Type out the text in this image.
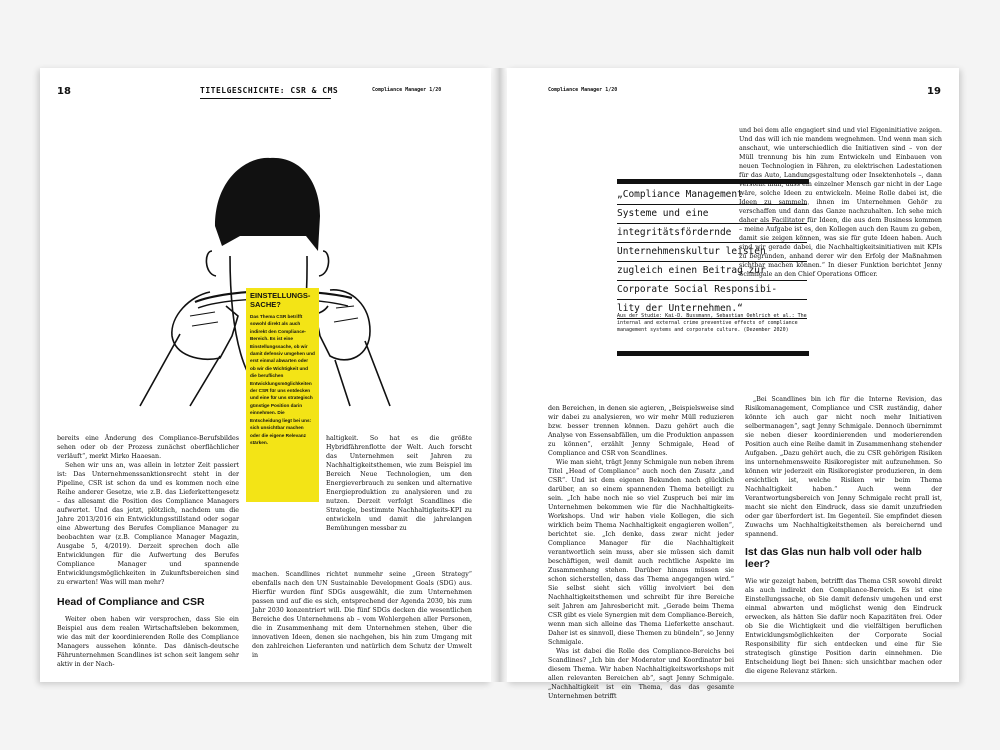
18	TITELGESCHICHTE: CSR & CMS	Compliance Manager 1/20
EINSTELLUNGS-SACHE?
Das Thema CSR betrifft sowohl direkt als auch indirekt den Compliance-Bereich. Es ist eine Einstellungssache, ob wir damit defensiv umgehen und erst einmal abwarten oder ob wir die Wichtigkeit und die beruflichen Entwicklungsmöglichkeiten der CSR für uns entdecken und eine für uns strategisch günstige Position darin einnehmen. Die Entscheidung liegt bei uns: sich unsichtbar machen oder die eigene Relevanz stärken.

bereits eine Änderung des Compliance-Berufsbildes sehen oder ob der Prozess zunächst oberflächlicher verläuft“, merkt Mirko Haaesan.

Sehen wir uns an, was allein in letzter Zeit passiert ist: Das Unternehmenssanktionsrecht steht in der Pipeline, CSR ist schon da und es kommen noch eine Reihe anderer Gesetze, wie z.B. das Lieferkettengesetz – das allesamt die Position des Compliance Managers aufwertet. Und das jetzt, plötzlich, nachdem um die Jahre 2013/2016 ein Entwicklungsstillstand oder sogar eine Abwertung des Berufes Compliance Manager zu beobachten war (z.B. Compliance Manager Magazin, Ausgabe 5, 4/2019). Derzeit sprechen doch alle Entwicklungen für die Aufwertung des Berufes Compliance Manager und spannende Entwicklungsmöglichkeiten in Zukunftsbereichen sind zu erwarten! Was will man mehr?

Head of Compliance and CSR

Weiter oben haben wir versprochen, dass Sie ein Beispiel aus dem realen Wirtschaftsleben bekommen, wie das mit der koordinierenden Rolle des Compliance Managers aussehen könnte. Das dänisch-deutsche Fährunternehmen Scandlines ist schon seit langem sehr aktiv in der Nach-

haltigkeit. So hat es die größte Hybridfährenflotte der Welt. Auch forscht das Unternehmen seit Jahren zu Nachhaltigkeitsthemen, wie zum Beispiel im Bereich Neue Technologien, um den Energieverbrauch zu senken und alternative Energieproduktion zu analysieren und zu nutzen. Derzeit verfolgt Scandlines die Strategie, bestimmte Nachhaltigkeits-KPI zu entwickeln und damit die jahrelangen Bemühungen messbar zu

machen. Scandlines richtet nunmehr seine „Green Strategy“ ebenfalls nach den UN Sustainable Development Goals (SDG) aus. Hierfür wurden fünf SDGs ausgewählt, die zum Unternehmen passen und auf die es sich, entsprechend der Agenda 2030, bis zum Jahr 2030 konzentriert will. Die fünf SDGs decken die wesentlichen Bereiche des Unternehmens ab – vom Wohlergehen aller Personen, die in Zusammenhang mit dem Unternehmen stehen, über die innovativen Ideen, denen sie nachgehen, bis hin zum Umgang mit den zahlreichen Lieferanten und natürlich dem Schutz der Umwelt in

Compliance Manager 1/20	19
„Compliance Management
Systeme und eine
integritätsfördernde
Unternehmenskultur leisten
zugleich einen Beitrag zur
Corporate Social Responsibi-
lity der Unternehmen.“
Aus der Studie: Kai-D. Bussmann, Sebastian Oehlrich et al.: The internal and external crime preventive effects of compliance management systems and corporate culture. (Dezember 2020)

und bei dem alle engagiert sind und viel Eigeninitiative zeigen. Und das will ich nie mandem wegnehmen. Und wenn man sich anschaut, wie unterschiedlich die Initiativen sind – von der Müll trennung bis hin zum Entwickeln und Einbauen von neuen Technologien in Fähren, zu elektrischen Ladestationen für das Auto, Landungsgestaltung oder Insektenhotels –, dann versteht man, dass ein einzelner Mensch gar nicht in der Lage wäre, solche Ideen zu entwickeln. Meine Rolle dabei ist, die Ideen zu sammeln, ihnen im Unternehmen Gehör zu verschaffen und dann das Ganze nachzuhalten. Ich sehe mich daher als Facilitator für Ideen, die aus dem Business kommen – meine Aufgabe ist es, den Kollegen auch den Raum zu geben, damit sie zeigen können, was sie für gute Ideen haben. Auch sind wir gerade dabei, die Nachhaltigkeitsinitiativen mit KPIs zu begründen, anhand derer wir den Erfolg der Maßnahmen sichtbar machen können.“ In dieser Funktion berichtet Jenny Schmigale an den Chief Operations Officer.

den Bereichen, in denen sie agieren, „Beispielsweise sind wir dabei zu analysieren, wo wir mehr Müll reduzieren bzw. besser trennen können. Dazu gehört auch die Analyse von Essensabfällen, um die Produktion anpassen zu können“, erzählt Jenny Schmigale, Head of Compliance and CSR von Scandlines.

Wie man sieht, trägt Jenny Schmigale nun neben ihrem Titel „Head of Compliance“ auch noch den Zusatz „and CSR“. Und ist dem eigenen Bekunden nach glücklich darüber, an so einem spannenden Thema beteiligt zu sein. „Ich habe noch nie so viel Zuspruch bei mir im Unternehmen bekommen wie für die Nachhaltigkeits-Workshops. Und wir haben viele Kollegen, die sich wirklich beim Thema Nachhaltigkeit engagieren wollen“, berichtet sie. „Ich denke, dass zwar nicht jeder Compliance Manager für die Nachhaltigkeit verantwortlich sein muss, aber sie müssen sich damit beschäftigen, weil damit auch rechtliche Aspekte im Zusammenhang stehen. Darüber hinaus müssen sie schon sicherstellen, dass das Thema angegangen wird.“ Sie selbst sieht sich völlig involviert bei den Nachhaltigkeitsthemen und schreibt für ihre Bereiche seit Jahren am Jahresbericht mit. „Gerade beim Thema CSR gibt es viele Synergien mit dem Compliance-Bereich, wenn man sich alleine das Thema Lieferkette anschaut. Daher ist es sinnvoll, diese Themen zu bündeln“, so Jenny Schmigale.

Was ist dabei die Rolle des Compliance-Bereichs bei Scandlines? „Ich bin der Moderator und Koordinator bei diesem Thema. Wir haben Nachhaltigkeitsworkshops mit allen relevanten Bereichen ab“, sagt Jenny Schmigale. „Nachhaltigkeit ist ein Thema, das das gesamte Unternehmen betrifft

„Bei Scandlines bin ich für die Interne Revision, das Risikomanagement, Compliance und CSR zuständig, daher könnte ich auch gar nicht noch mehr Initiativen selbermanagen“, sagt Jenny Schmigale. Dennoch übernimmt sie neben dieser koordinierenden und moderierenden Position auch eine Reihe damit in Zusammenhang stehender Aufgaben. „Dazu gehört auch, die zu CSR gehörigen Risiken ins unternehmensweite Risikoregister mit aufzunehmen. So können wir jederzeit ein Risikoregister produzieren, in dem ersichtlich ist, welche Risiken wir beim Thema Nachhaltigkeit haben.“ Auch wenn der Verantwortungsbereich von Jenny Schmigale recht prall ist, macht sie nicht den Eindruck, dass sie damit unzufrieden oder gar überfordert ist. Im Gegenteil. Sie empfindet diesen Zuwachs um Nachhaltigkeitsthemen als bereichernd und spannend.

Ist das Glas nun halb voll oder halb leer?

Wie wir gezeigt haben, betrifft das Thema CSR sowohl direkt als auch indirekt den Compliance-Bereich. Es ist eine Einstellungssache, ob Sie damit defensiv umgehen und erst einmal abwarten und möglichst wenig den Eindruck erwecken, als hätten Sie dafür noch Kapazitäten frei. Oder ob Sie die Wichtigkeit und die vielfältigen beruflichen Entwicklungsmöglichkeiten der Corporate Social Responsibility für sich entdecken und eine für Sie strategisch günstige Position darin einnehmen. Die Entscheidung liegt bei Ihnen: sich unsichtbar machen oder die eigene Relevanz stärken.
